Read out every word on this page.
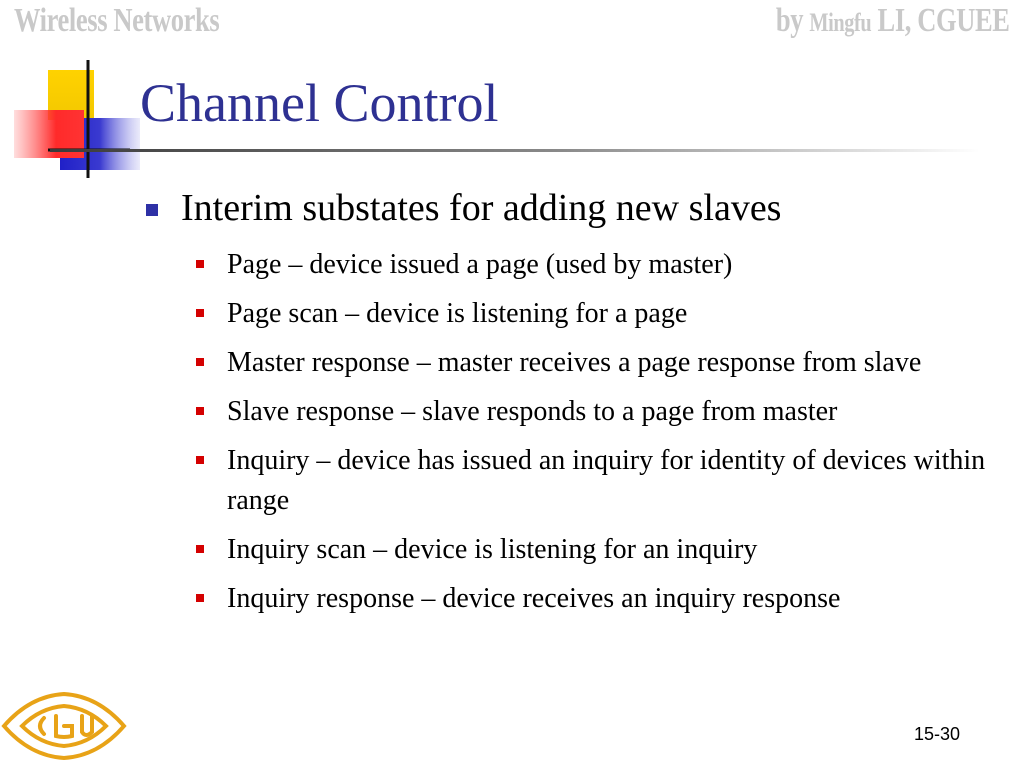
Wireless Networks	by Mingfu LI, CGUEE
Channel Control
Interim substates for adding new slaves
Page – device issued a page (used by master)
Page scan – device is listening for a page
Master response – master receives a page response from slave
Slave response – slave responds to a page from master
Inquiry – device has issued an inquiry for identity of devices within range
Inquiry scan – device is listening for an inquiry
Inquiry response – device receives an inquiry response
15-30
